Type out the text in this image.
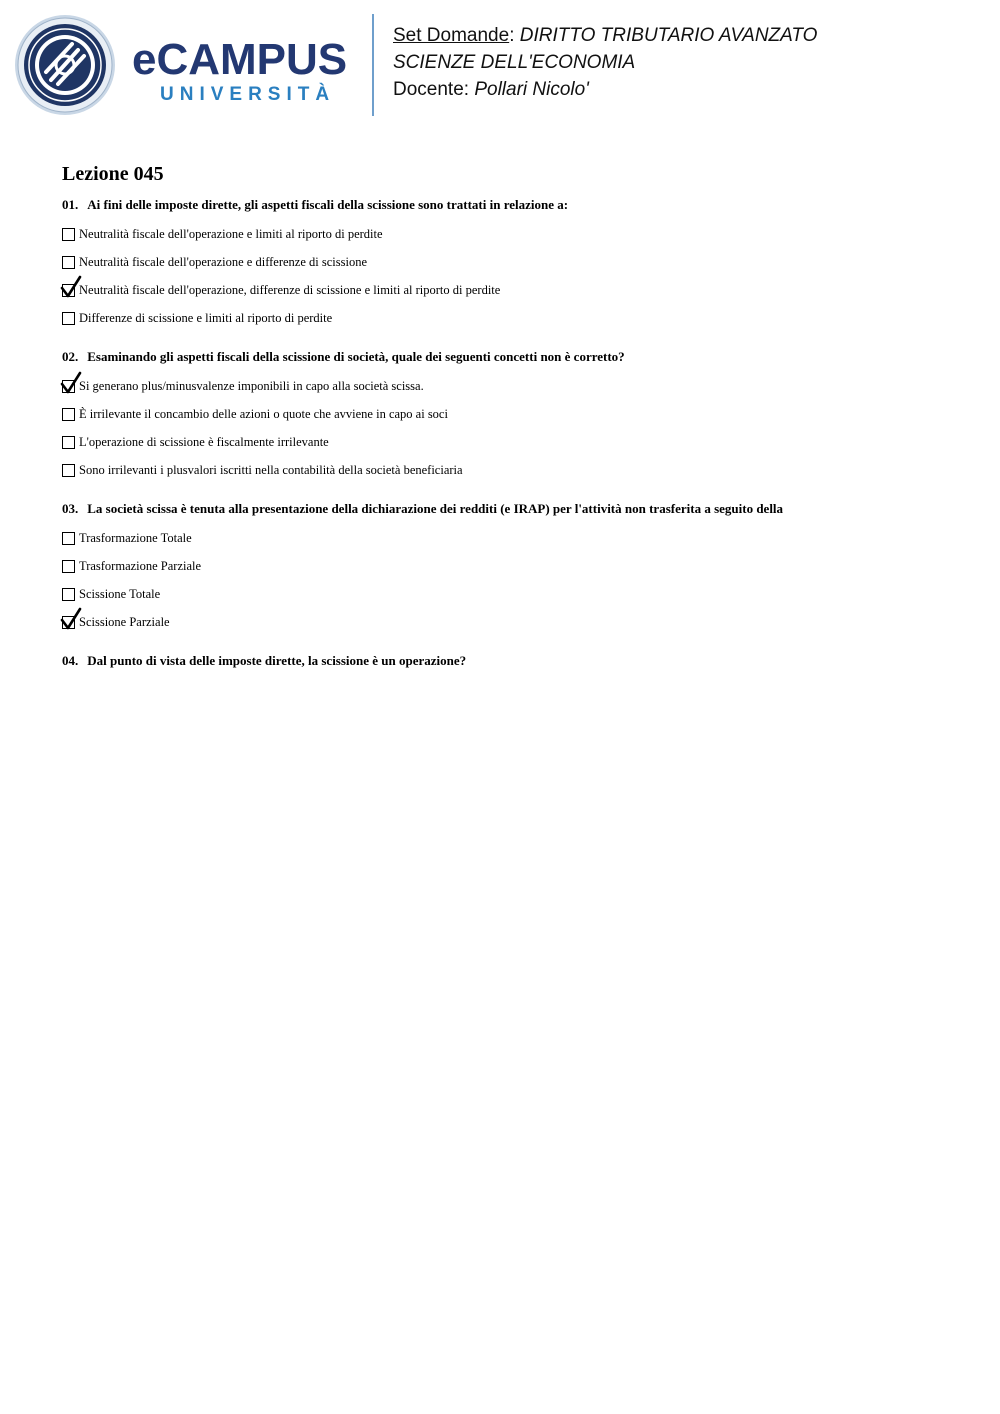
eCAMPUS
UNIVERSITÀ
Set Domande: DIRITTO TRIBUTARIO AVANZATO
SCIENZE DELL'ECONOMIA
Docente: Pollari Nicolo'
Lezione 045
01. Ai fini delle imposte dirette, gli aspetti fiscali della scissione sono trattati in relazione a:
Neutralità fiscale dell'operazione e limiti al riporto di perdite
Neutralità fiscale dell'operazione e differenze di scissione
Neutralità fiscale dell'operazione, differenze di scissione e limiti al riporto di perdite
Differenze di scissione e limiti al riporto di perdite
02. Esaminando gli aspetti fiscali della scissione di società, quale dei seguenti concetti non è corretto?
Si generano plus/minusvalenze imponibili in capo alla società scissa.
È irrilevante il concambio delle azioni o quote che avviene in capo ai soci
L'operazione di scissione è fiscalmente irrilevante
Sono irrilevanti i plusvalori iscritti nella contabilità della società beneficiaria
03. La società scissa è tenuta alla presentazione della dichiarazione dei redditi (e IRAP) per l'attività non trasferita a seguito della
Trasformazione Totale
Trasformazione Parziale
Scissione Totale
Scissione Parziale
04. Dal punto di vista delle imposte dirette, la scissione è un operazione?
